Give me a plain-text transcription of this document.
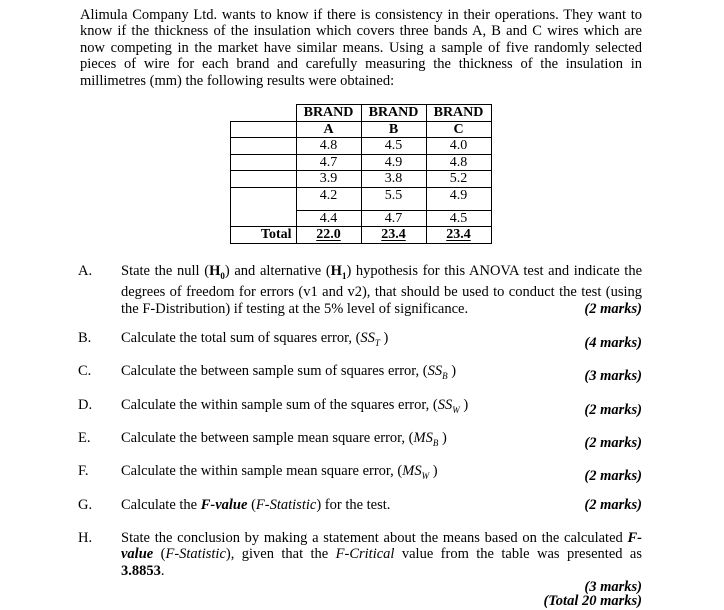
Alimula Company Ltd. wants to know if there is consistency in their operations. They want to know if the thickness of the insulation which covers three bands A, B and C wires which are now competing in the market have similar means. Using a sample of five randomly selected pieces of wire for each brand and carefully measuring the thickness of the insulation in millimetres (mm) the following results were obtained:

	BRAND	BRAND	BRAND
	A	B	C
	4.8	4.5	4.0
	4.7	4.9	4.8
	3.9	3.8	5.2
	4.2	5.5	4.9
	4.4	4.7	4.5
Total	22.0	23.4	23.4
A. State the null $(H_0)$ and alternative $(H_1)$ hypothesis for this ANOVA test and indicate the degrees of freedom for errors (v1 and v2), that should be used to conduct the test (using the F-Distribution) if testing at the 5% level of significance.	(2 marks)
B. Calculate the total sum of squares error, ($SS_T$ )	(4 marks)
C. Calculate the between sample sum of squares error, ($SS_B$ )	(3 marks)
D. Calculate the within sample sum of the squares error, ($SS_W$ )	(2 marks)
E. Calculate the between sample mean square error, ($MS_B$ )	(2 marks)
F. Calculate the within sample mean square error, ($MS_W$ )	(2 marks)
G. Calculate the F-value (F-Statistic) for the test.	(2 marks)
H. State the conclusion by making a statement about the means based on the calculated F-value (F-Statistic), given that the F-Critical value from the table was presented as 3.8853.
(3 marks)
(Total 20 marks)
